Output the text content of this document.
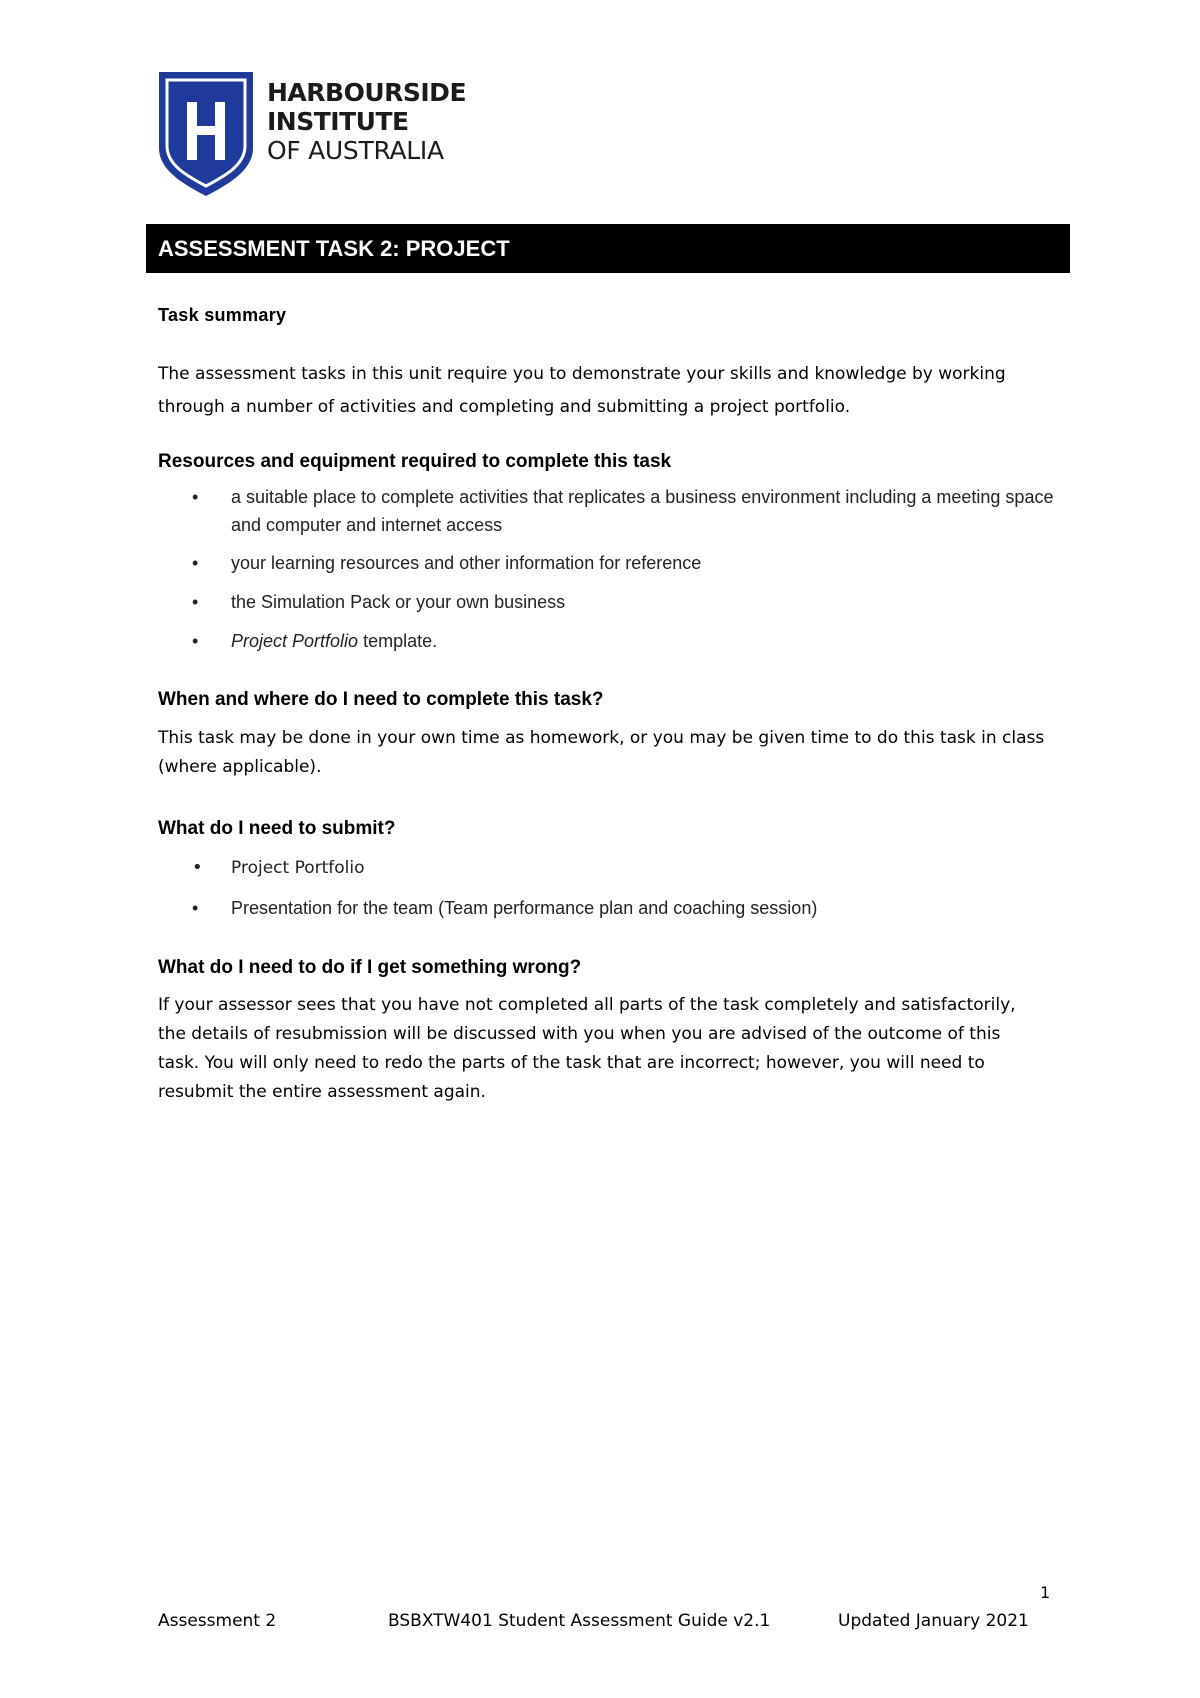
HARBOURSIDE
INSTITUTE
OF AUSTRALIA
ASSESSMENT TASK 2: PROJECT

Task summary

The assessment tasks in this unit require you to demonstrate your skills and knowledge by working through a number of activities and completing and submitting a project portfolio.

Resources and equipment required to complete this task

• a suitable place to complete activities that replicates a business environment including a meeting space and computer and internet access
• your learning resources and other information for reference
• the Simulation Pack or your own business
• Project Portfolio template.

When and where do I need to complete this task?

This task may be done in your own time as homework, or you may be given time to do this task in class (where applicable).

What do I need to submit?

• Project Portfolio
• Presentation for the team (Team performance plan and coaching session)

What do I need to do if I get something wrong?

If your assessor sees that you have not completed all parts of the task completely and satisfactorily, the details of resubmission will be discussed with you when you are advised of the outcome of this task. You will only need to redo the parts of the task that are incorrect; however, you will need to resubmit the entire assessment again.

1
Assessment 2	BSBXTW401 Student Assessment Guide v2.1	Updated January 2021
